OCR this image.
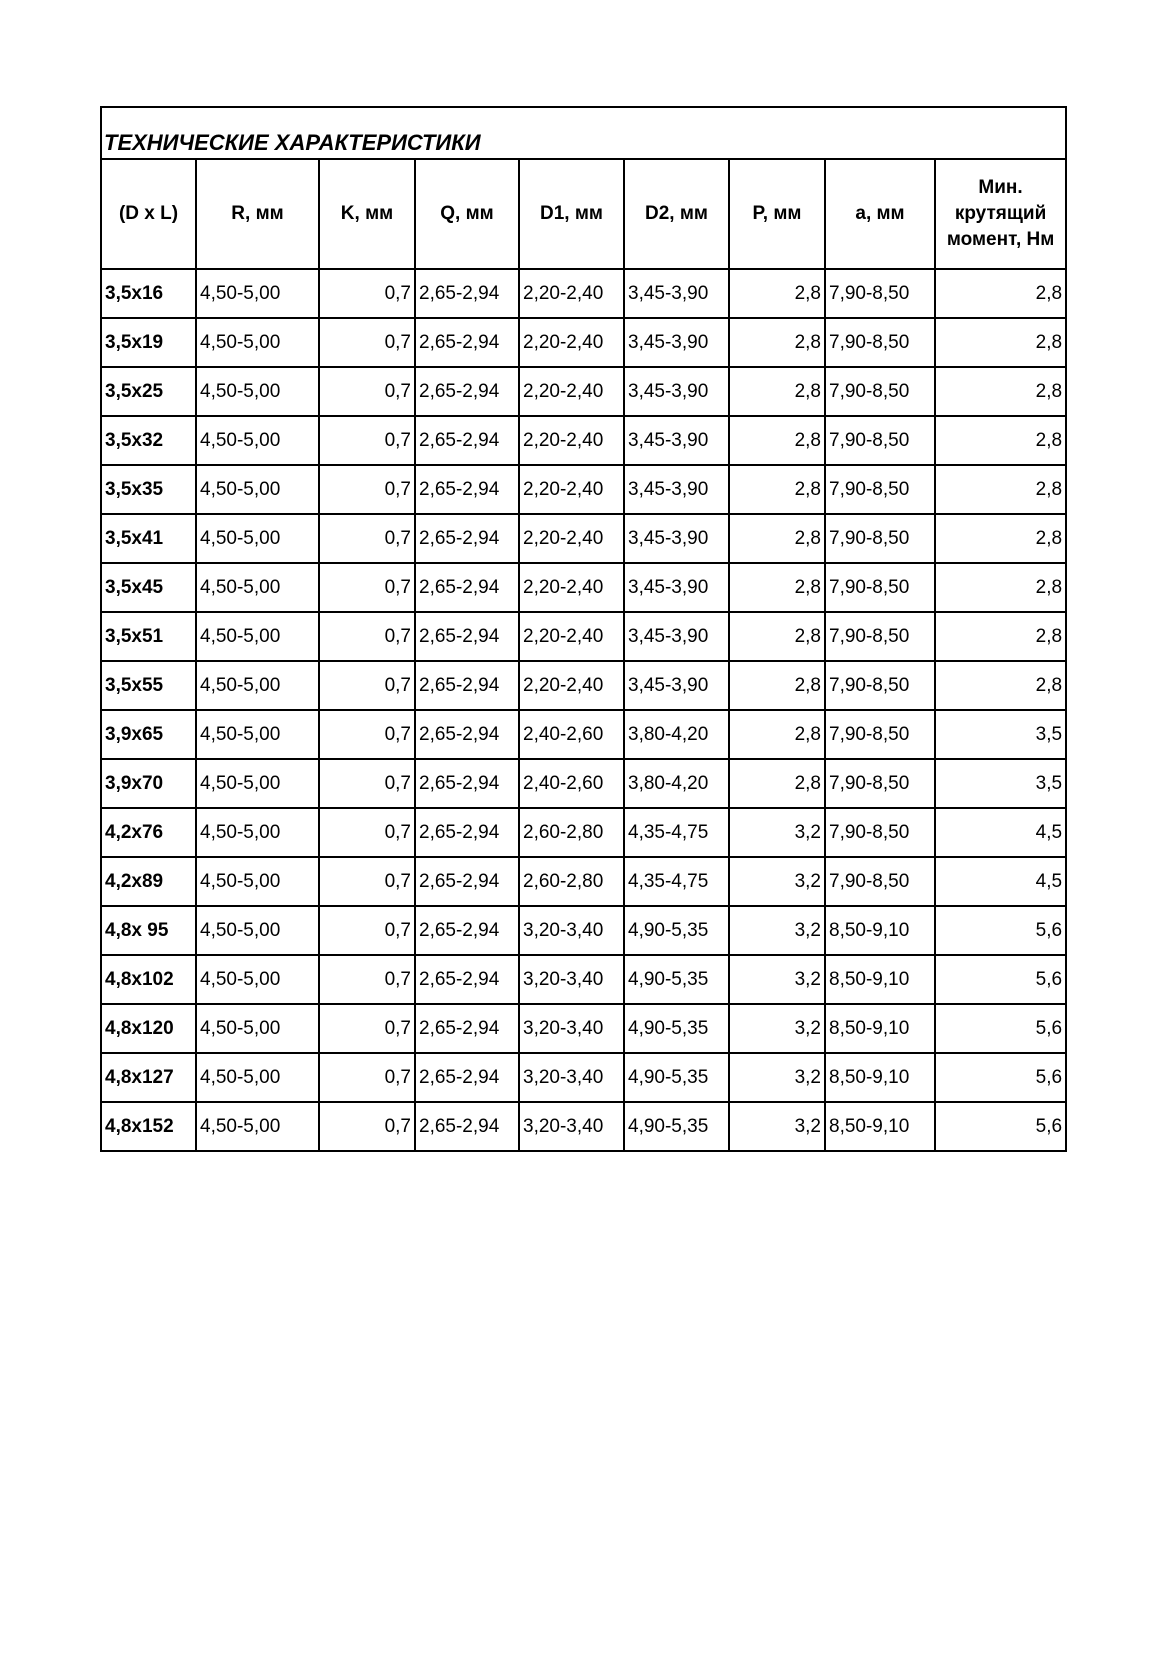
ТЕХНИЧЕСКИЕ ХАРАКТЕРИСТИКИ								
(D x L)	R, мм	K, мм	Q, мм	D1, мм	D2, мм	P, мм	a, мм	Мин. крутящий момент, Нм
3,5x16	4,50-5,00	0,7	2,65-2,94	2,20-2,40	3,45-3,90	2,8	7,90-8,50	2,8
3,5x19	4,50-5,00	0,7	2,65-2,94	2,20-2,40	3,45-3,90	2,8	7,90-8,50	2,8
3,5x25	4,50-5,00	0,7	2,65-2,94	2,20-2,40	3,45-3,90	2,8	7,90-8,50	2,8
3,5x32	4,50-5,00	0,7	2,65-2,94	2,20-2,40	3,45-3,90	2,8	7,90-8,50	2,8
3,5x35	4,50-5,00	0,7	2,65-2,94	2,20-2,40	3,45-3,90	2,8	7,90-8,50	2,8
3,5x41	4,50-5,00	0,7	2,65-2,94	2,20-2,40	3,45-3,90	2,8	7,90-8,50	2,8
3,5x45	4,50-5,00	0,7	2,65-2,94	2,20-2,40	3,45-3,90	2,8	7,90-8,50	2,8
3,5x51	4,50-5,00	0,7	2,65-2,94	2,20-2,40	3,45-3,90	2,8	7,90-8,50	2,8
3,5x55	4,50-5,00	0,7	2,65-2,94	2,20-2,40	3,45-3,90	2,8	7,90-8,50	2,8
3,9x65	4,50-5,00	0,7	2,65-2,94	2,40-2,60	3,80-4,20	2,8	7,90-8,50	3,5
3,9x70	4,50-5,00	0,7	2,65-2,94	2,40-2,60	3,80-4,20	2,8	7,90-8,50	3,5
4,2x76	4,50-5,00	0,7	2,65-2,94	2,60-2,80	4,35-4,75	3,2	7,90-8,50	4,5
4,2x89	4,50-5,00	0,7	2,65-2,94	2,60-2,80	4,35-4,75	3,2	7,90-8,50	4,5
4,8x 95	4,50-5,00	0,7	2,65-2,94	3,20-3,40	4,90-5,35	3,2	8,50-9,10	5,6
4,8x102	4,50-5,00	0,7	2,65-2,94	3,20-3,40	4,90-5,35	3,2	8,50-9,10	5,6
4,8x120	4,50-5,00	0,7	2,65-2,94	3,20-3,40	4,90-5,35	3,2	8,50-9,10	5,6
4,8x127	4,50-5,00	0,7	2,65-2,94	3,20-3,40	4,90-5,35	3,2	8,50-9,10	5,6
4,8x152	4,50-5,00	0,7	2,65-2,94	3,20-3,40	4,90-5,35	3,2	8,50-9,10	5,6
